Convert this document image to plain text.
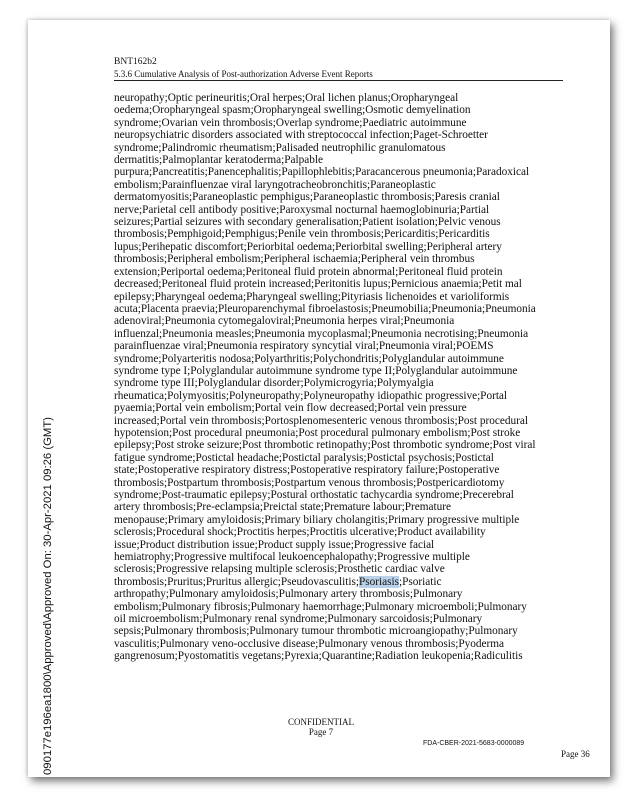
BNT162b2
5.3.6 Cumulative Analysis of Post-authorization Adverse Event Reports
neuropathy;Optic perineuritis;Oral herpes;Oral lichen planus;Oropharyngeal
oedema;Oropharyngeal spasm;Oropharyngeal swelling;Osmotic demyelination
syndrome;Ovarian vein thrombosis;Overlap syndrome;Paediatric autoimmune
neuropsychiatric disorders associated with streptococcal infection;Paget-Schroetter
syndrome;Palindromic rheumatism;Palisaded neutrophilic granulomatous
dermatitis;Palmoplantar keratoderma;Palpable
purpura;Pancreatitis;Panencephalitis;Papillophlebitis;Paracancerous pneumonia;Paradoxical
embolism;Parainfluenzae viral laryngotracheobronchitis;Paraneoplastic
dermatomyositis;Paraneoplastic pemphigus;Paraneoplastic thrombosis;Paresis cranial
nerve;Parietal cell antibody positive;Paroxysmal nocturnal haemoglobinuria;Partial
seizures;Partial seizures with secondary generalisation;Patient isolation;Pelvic venous
thrombosis;Pemphigoid;Pemphigus;Penile vein thrombosis;Pericarditis;Pericarditis
lupus;Perihepatic discomfort;Periorbital oedema;Periorbital swelling;Peripheral artery
thrombosis;Peripheral embolism;Peripheral ischaemia;Peripheral vein thrombus
extension;Periportal oedema;Peritoneal fluid protein abnormal;Peritoneal fluid protein
decreased;Peritoneal fluid protein increased;Peritonitis lupus;Pernicious anaemia;Petit mal
epilepsy;Pharyngeal oedema;Pharyngeal swelling;Pityriasis lichenoides et varioliformis
acuta;Placenta praevia;Pleuroparenchymal fibroelastosis;Pneumobilia;Pneumonia;Pneumonia
adenoviral;Pneumonia cytomegaloviral;Pneumonia herpes viral;Pneumonia
influenzal;Pneumonia measles;Pneumonia mycoplasmal;Pneumonia necrotising;Pneumonia
parainfluenzae viral;Pneumonia respiratory syncytial viral;Pneumonia viral;POEMS
syndrome;Polyarteritis nodosa;Polyarthritis;Polychondritis;Polyglandular autoimmune
syndrome type I;Polyglandular autoimmune syndrome type II;Polyglandular autoimmune
syndrome type III;Polyglandular disorder;Polymicrogyria;Polymyalgia
rheumatica;Polymyositis;Polyneuropathy;Polyneuropathy idiopathic progressive;Portal
pyaemia;Portal vein embolism;Portal vein flow decreased;Portal vein pressure
increased;Portal vein thrombosis;Portosplenomesenteric venous thrombosis;Post procedural
hypotension;Post procedural pneumonia;Post procedural pulmonary embolism;Post stroke
epilepsy;Post stroke seizure;Post thrombotic retinopathy;Post thrombotic syndrome;Post viral
fatigue syndrome;Postictal headache;Postictal paralysis;Postictal psychosis;Postictal
state;Postoperative respiratory distress;Postoperative respiratory failure;Postoperative
thrombosis;Postpartum thrombosis;Postpartum venous thrombosis;Postpericardiotomy
syndrome;Post-traumatic epilepsy;Postural orthostatic tachycardia syndrome;Precerebral
artery thrombosis;Pre-eclampsia;Preictal state;Premature labour;Premature
menopause;Primary amyloidosis;Primary biliary cholangitis;Primary progressive multiple
sclerosis;Procedural shock;Proctitis herpes;Proctitis ulcerative;Product availability
issue;Product distribution issue;Product supply issue;Progressive facial
hemiatrophy;Progressive multifocal leukoencephalopathy;Progressive multiple
sclerosis;Progressive relapsing multiple sclerosis;Prosthetic cardiac valve
thrombosis;Pruritus;Pruritus allergic;Pseudovasculitis;Psoriasis;Psoriatic
arthropathy;Pulmonary amyloidosis;Pulmonary artery thrombosis;Pulmonary
embolism;Pulmonary fibrosis;Pulmonary haemorrhage;Pulmonary microemboli;Pulmonary
oil microembolism;Pulmonary renal syndrome;Pulmonary sarcoidosis;Pulmonary
sepsis;Pulmonary thrombosis;Pulmonary tumour thrombotic microangiopathy;Pulmonary
vasculitis;Pulmonary veno-occlusive disease;Pulmonary venous thrombosis;Pyoderma
gangrenosum;Pyostomatitis vegetans;Pyrexia;Quarantine;Radiation leukopenia;Radiculitis
CONFIDENTIAL
Page 7
FDA-CBER-2021-5683-0000089
Page 36
090177e196ea1800\Approved\Approved On: 30-Apr-2021 09:26 (GMT)
